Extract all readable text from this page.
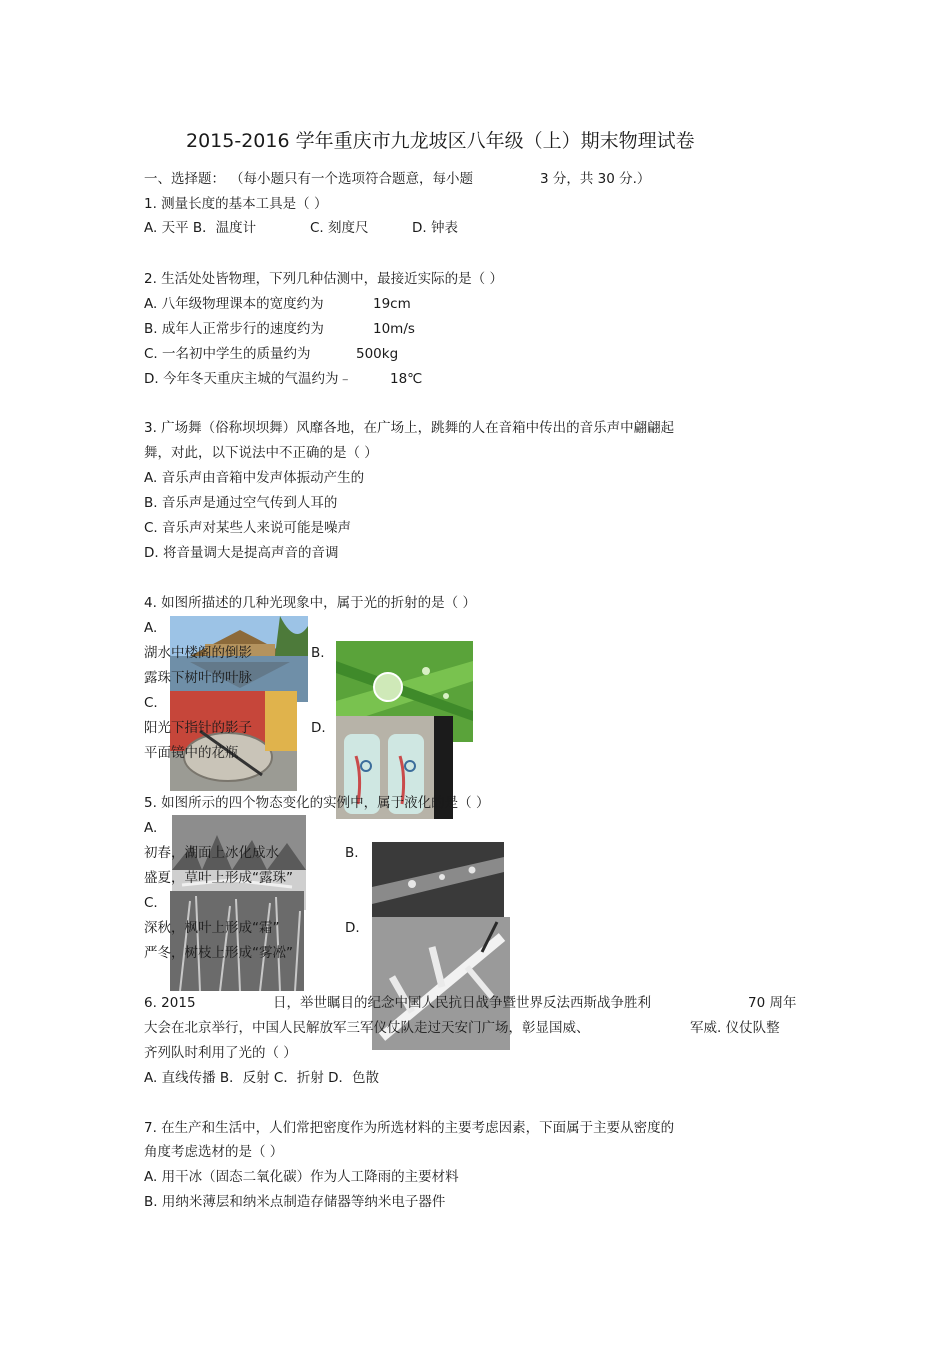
2015-2016 学年重庆市九龙坡区八年级（上）期末物理试卷
一、选择题： （每小题只有一个选项符合题意，每小题	3 分，共 30 分.）
1. 测量长度的基本工具是（ ）
A. 天平 B．温度计	C. 刻度尺	D. 钟表
2. 生活处处皆物理，下列几种估测中，最接近实际的是（ ）
A. 八年级物理课本的宽度约为	19cm
B. 成年人正常步行的速度约为	10m/s
C. 一名初中学生的质量约为	500kg
D. 今年冬天重庆主城的气温约为﹣	18℃
3. 广场舞（俗称坝坝舞）风靡各地，在广场上，跳舞的人在音箱中传出的音乐声中翩翩起
舞，对此，以下说法中不正确的是（ ）
A. 音乐声由音箱中发声体振动产生的
B. 音乐声是通过空气传到人耳的
C. 音乐声对某些人来说可能是噪声
D. 将音量调大是提高声音的音调
4. 如图所描述的几种光现象中，属于光的折射的是（ ）
A.
湖水中楼阁的倒影	B.
露珠下树叶的叶脉
C.
阳光下指针的影子	D.
平面镜中的花瓶
5. 如图所示的四个物态变化的实例中，属于液化的是（ ）
A.
初春，湖面上冰化成水	B.
盛夏，草叶上形成“露珠”
C.
深秋，枫叶上形成“霜”	D.
严冬，树枝上形成“雾凇”
6. 2015	日，举世瞩目的纪念中国人民抗日战争暨世界反法西斯战争胜利	70 周年
大会在北京举行，中国人民解放军三军仪仗队走过天安门广场，彰显国威、	军威. 仪仗队整
齐列队时利用了光的（ ）
A. 直线传播 B．反射 C．折射 D．色散
7. 在生产和生活中，人们常把密度作为所选材料的主要考虑因素，下面属于主要从密度的
角度考虑选材的是（ ）
A. 用干冰（固态二氧化碳）作为人工降雨的主要材料
B. 用纳米薄层和纳米点制造存储器等纳米电子器件
